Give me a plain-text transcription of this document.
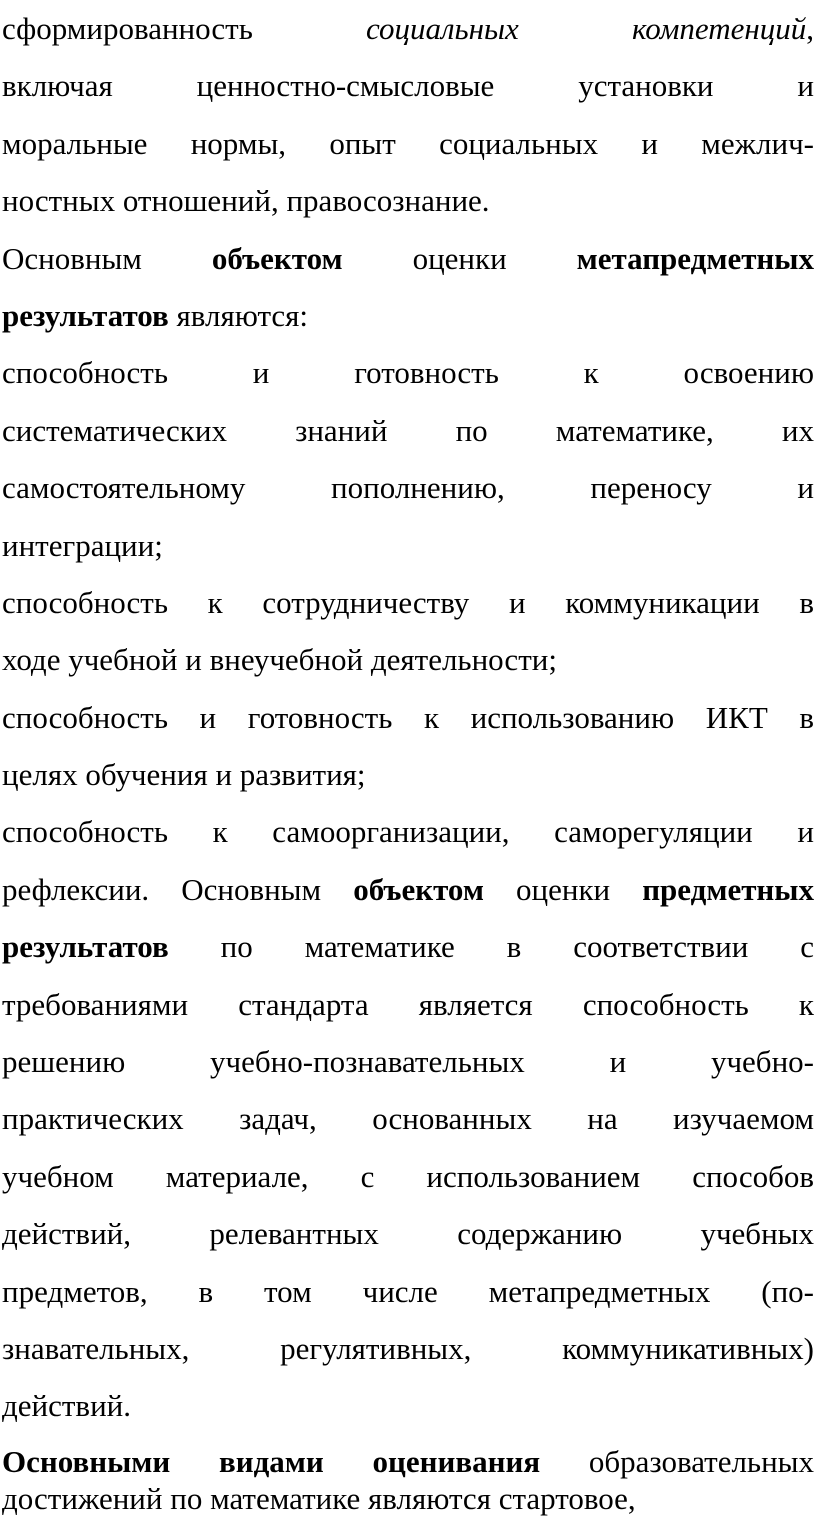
сформированность социальных компетенций,
включая ценностно-смысловые установки и
моральные нормы, опыт социальных и межлич-
ностных отношений, правосознание.
Основным объектом оценки метапредметных
результатов являются:
способность и готовность к освоению
систематических знаний по математике, их
самостоятельному пополнению, переносу и
интеграции;
способность к сотрудничеству и коммуникации в
ходе учебной и внеучебной деятельности;
способность и готовность к использованию ИКТ в
целях обучения и развития;
способность к самоорганизации, саморегуляции и
рефлексии. Основным объектом оценки предметных
результатов по математике в соответствии с
требованиями стандарта является способность к
решению учебно-познавательных и учебно-
практических задач, основанных на изучаемом
учебном материале, с использованием способов
действий, релевантных содержанию учебных
предметов, в том числе метапредметных (по-
знавательных, регулятивных, коммуникативных)
действий.
Основными видами оценивания образовательных
достижений по математике являются стартовое,
